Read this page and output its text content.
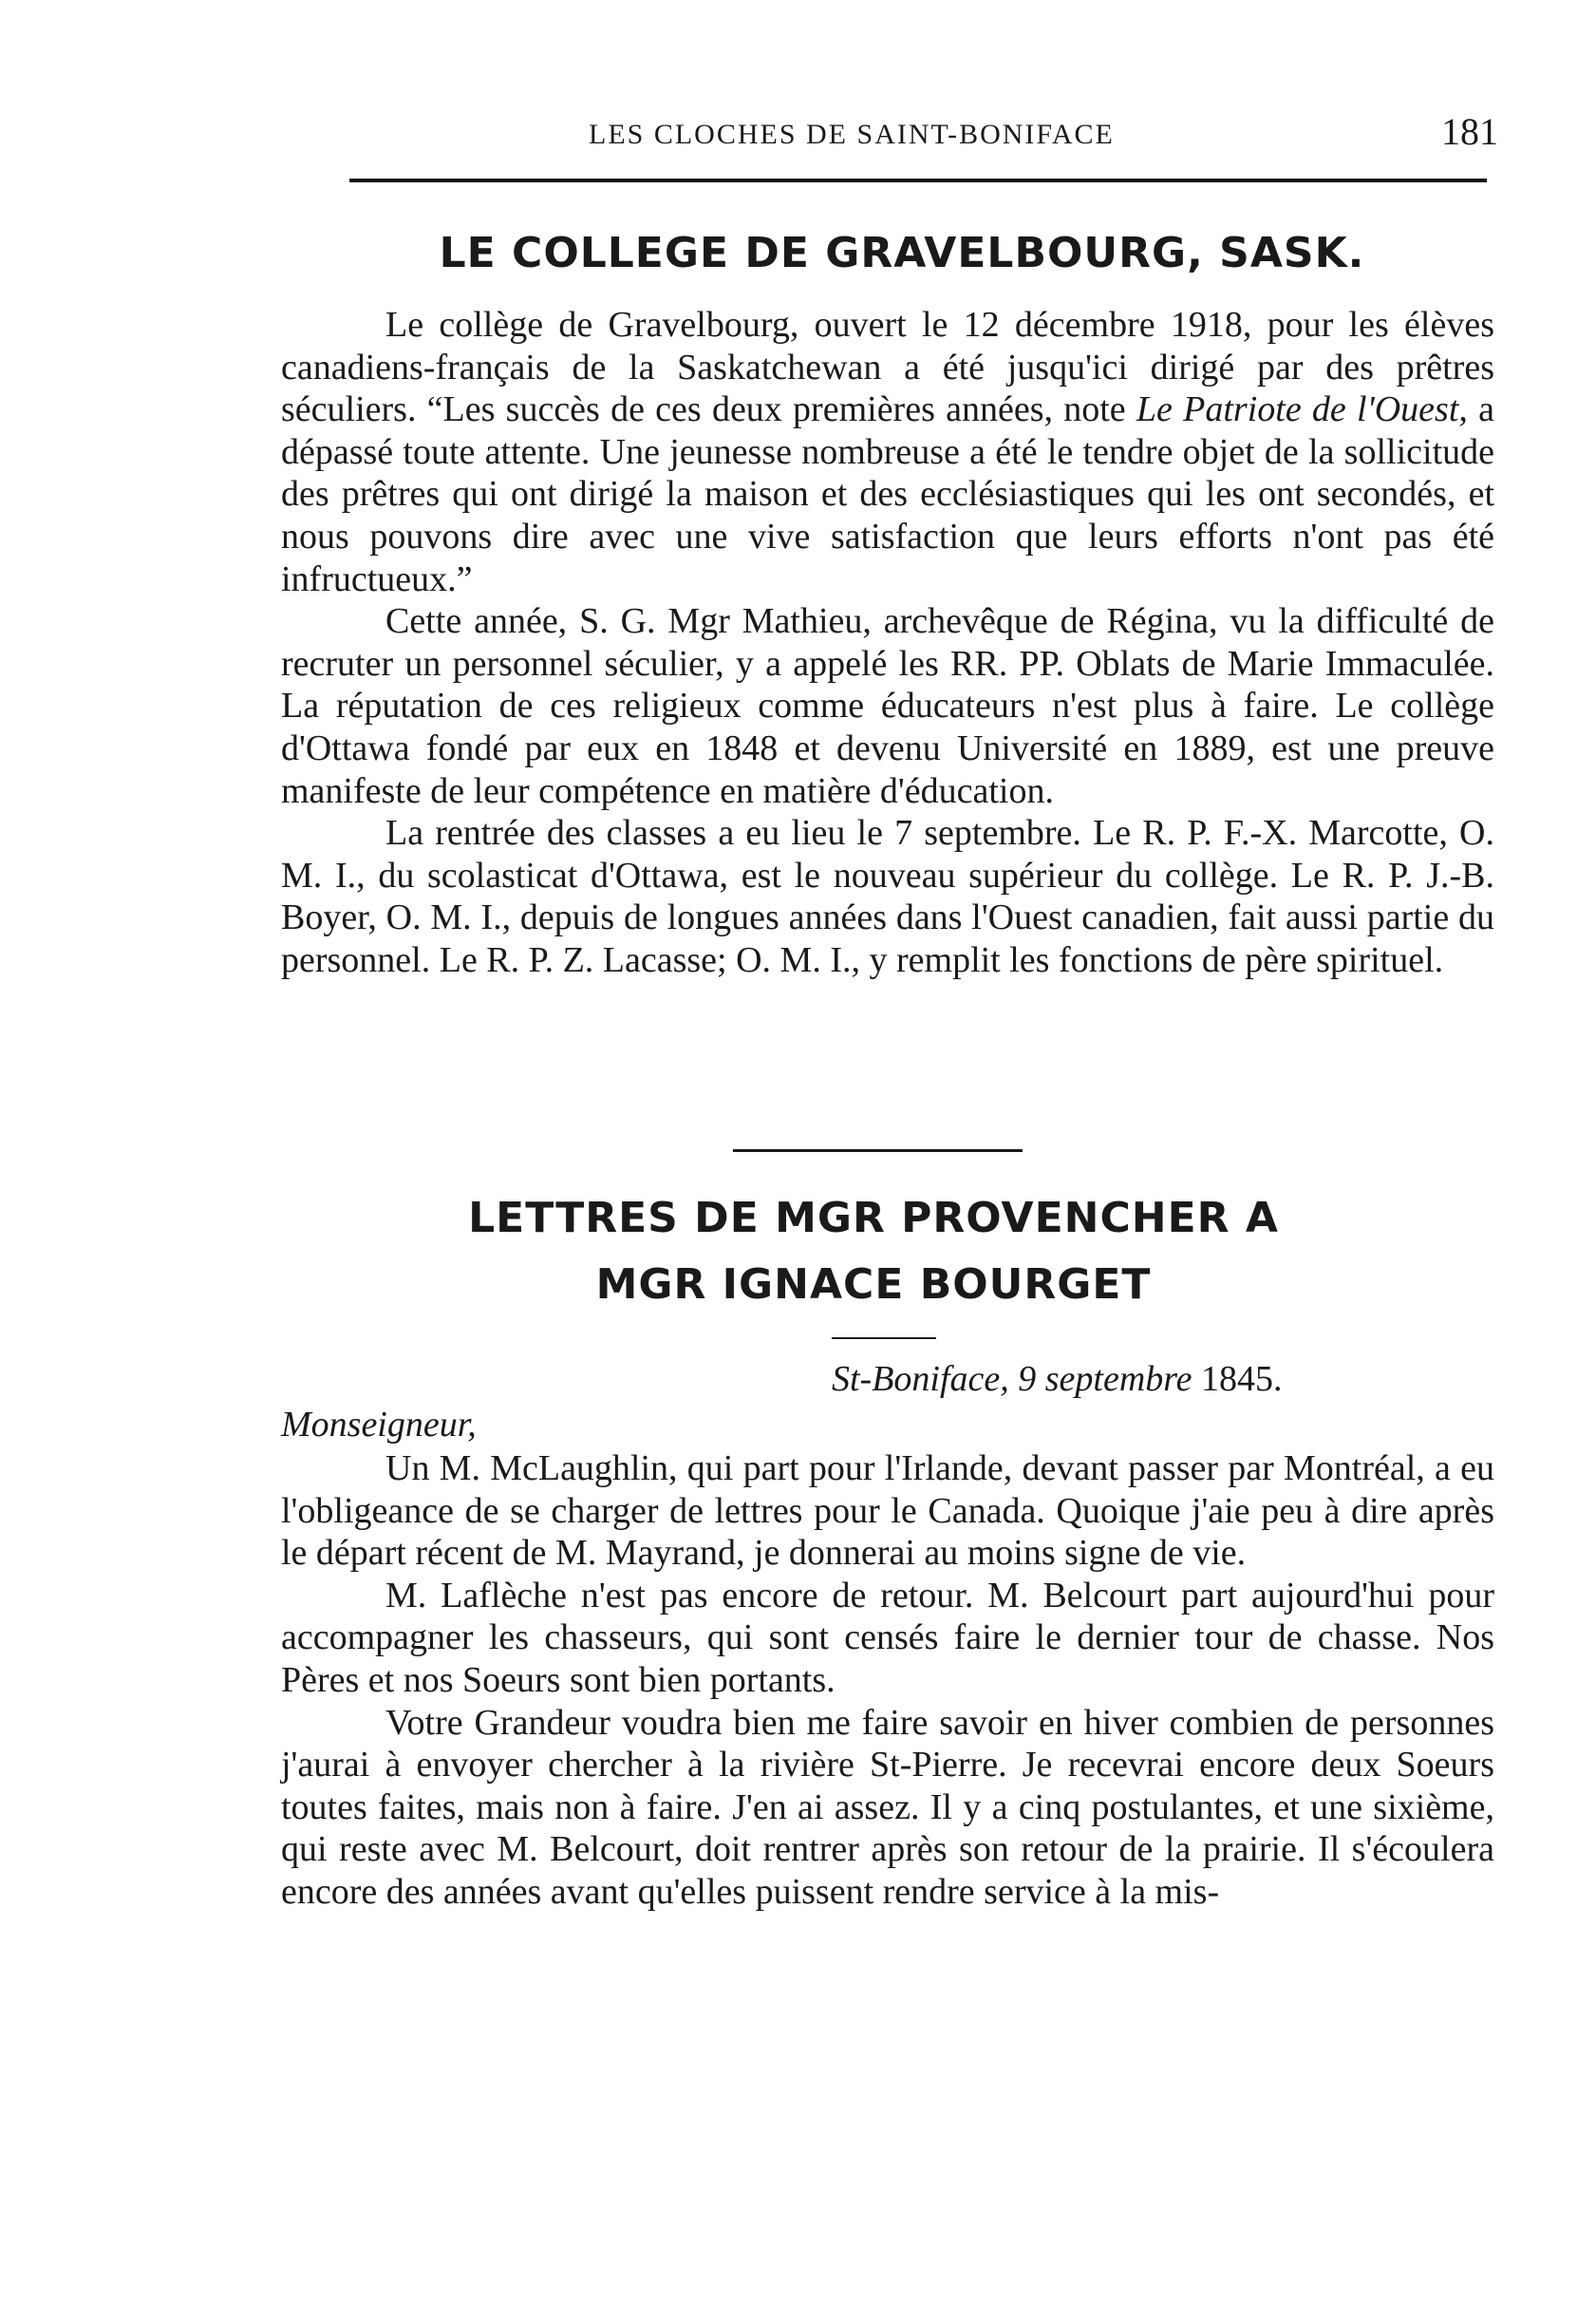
LES CLOCHES DE SAINT-BONIFACE	181
LE COLLEGE DE GRAVELBOURG, SASK.

Le collège de Gravelbourg, ouvert le 12 décembre 1918, pour les élèves canadiens-français de la Saskatchewan a été jusqu'ici dirigé par des prêtres séculiers. “Les succès de ces deux premières années, note Le Patriote de l'Ouest, a dépassé toute attente. Une jeunesse nombreuse a été le tendre objet de la sollicitude des prêtres qui ont dirigé la maison et des ecclésiastiques qui les ont secondés, et nous pouvons dire avec une vive satisfaction que leurs efforts n'ont pas été infructueux.”

Cette année, S. G. Mgr Mathieu, archevêque de Régina, vu la difficulté de recruter un personnel séculier, y a appelé les RR. PP. Oblats de Marie Immaculée. La réputation de ces religieux comme éducateurs n'est plus à faire. Le collège d'Ottawa fondé par eux en 1848 et devenu Université en 1889, est une preuve manifeste de leur compétence en matière d'éducation.

La rentrée des classes a eu lieu le 7 septembre. Le R. P. F.-X. Marcotte, O. M. I., du scolasticat d'Ottawa, est le nouveau supérieur du collège. Le R. P. J.-B. Boyer, O. M. I., depuis de longues années dans l'Ouest canadien, fait aussi partie du personnel. Le R. P. Z. Lacasse; O. M. I., y remplit les fonctions de père spirituel.

LETTRES DE MGR PROVENCHER A
MGR IGNACE BOURGET
St-Boniface, 9 septembre 1845.
Monseigneur,

Un M. McLaughlin, qui part pour l'Irlande, devant passer par Montréal, a eu l'obligeance de se charger de lettres pour le Canada. Quoique j'aie peu à dire après le départ récent de M. Mayrand, je donnerai au moins signe de vie.

M. Laflèche n'est pas encore de retour. M. Belcourt part aujourd'hui pour accompagner les chasseurs, qui sont censés faire le dernier tour de chasse. Nos Pères et nos Soeurs sont bien portants.

Votre Grandeur voudra bien me faire savoir en hiver combien de personnes j'aurai à envoyer chercher à la rivière St-Pierre. Je recevrai encore deux Soeurs toutes faites, mais non à faire. J'en ai assez. Il y a cinq postulantes, et une sixième, qui reste avec M. Belcourt, doit rentrer après son retour de la prairie. Il s'écoulera encore des années avant qu'elles puissent rendre service à la mis-
